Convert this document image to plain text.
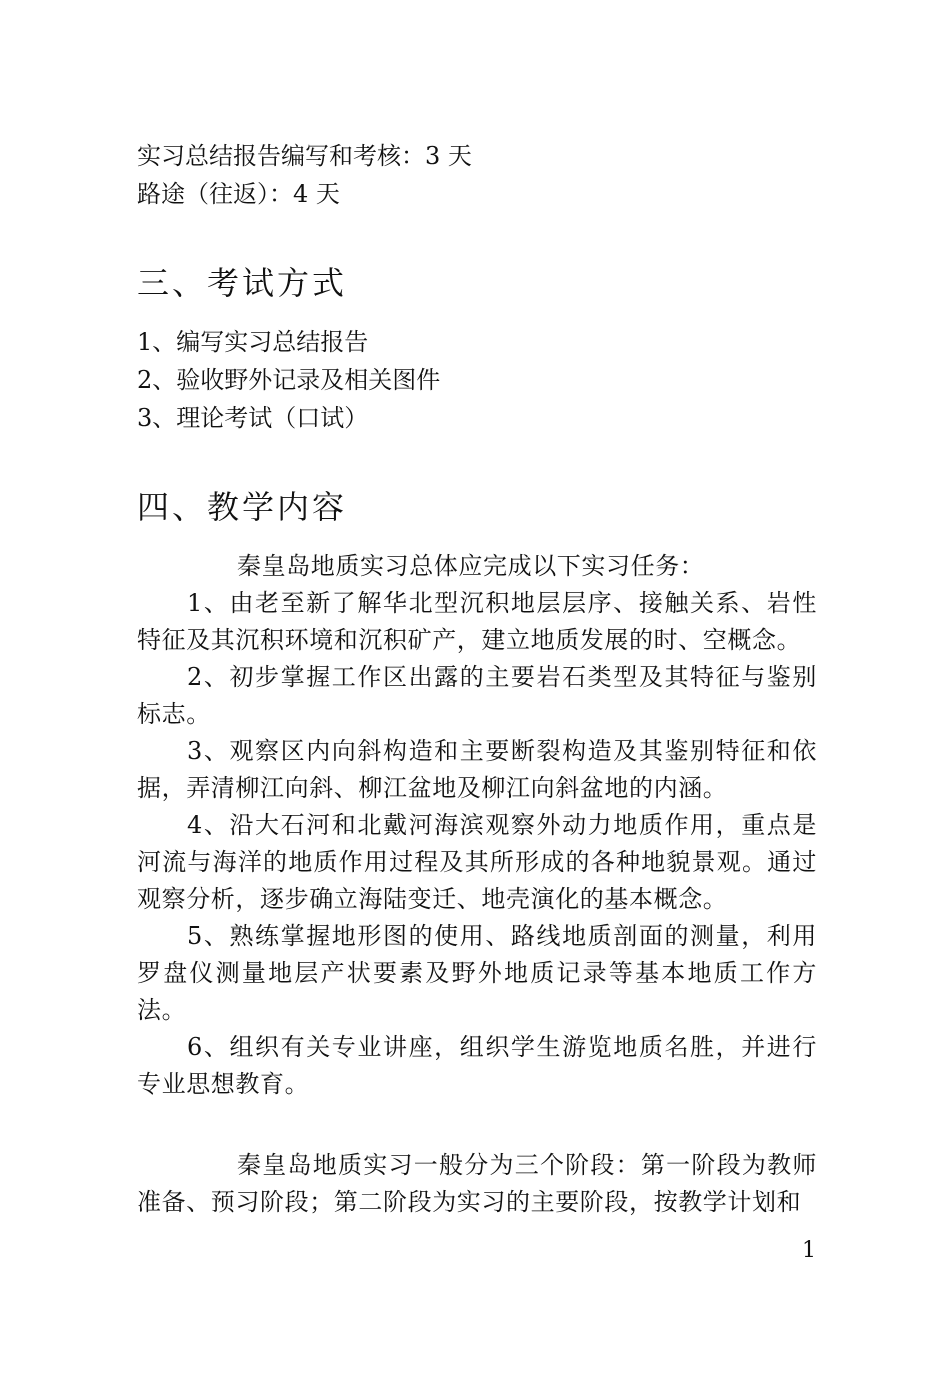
实习总结报告编写和考核：3 天
路途（往返）：4 天
三、考试方式
1、编写实习总结报告
2、验收野外记录及相关图件
3、理论考试（口试）
四、教学内容
秦皇岛地质实习总体应完成以下实习任务：
1、由老至新了解华北型沉积地层层序、接触关系、岩性特征及其沉积环境和沉积矿产，建立地质发展的时、空概念。
2、初步掌握工作区出露的主要岩石类型及其特征与鉴别标志。
3、观察区内向斜构造和主要断裂构造及其鉴别特征和依据，弄清柳江向斜、柳江盆地及柳江向斜盆地的内涵。
4、沿大石河和北戴河海滨观察外动力地质作用，重点是河流与海洋的地质作用过程及其所形成的各种地貌景观。通过观察分析，逐步确立海陆变迁、地壳演化的基本概念。
5、熟练掌握地形图的使用、路线地质剖面的测量，利用罗盘仪测量地层产状要素及野外地质记录等基本地质工作方法。
6、组织有关专业讲座，组织学生游览地质名胜，并进行专业思想教育。
秦皇岛地质实习一般分为三个阶段：第一阶段为教师准备、预习阶段；第二阶段为实习的主要阶段，按教学计划和
1
